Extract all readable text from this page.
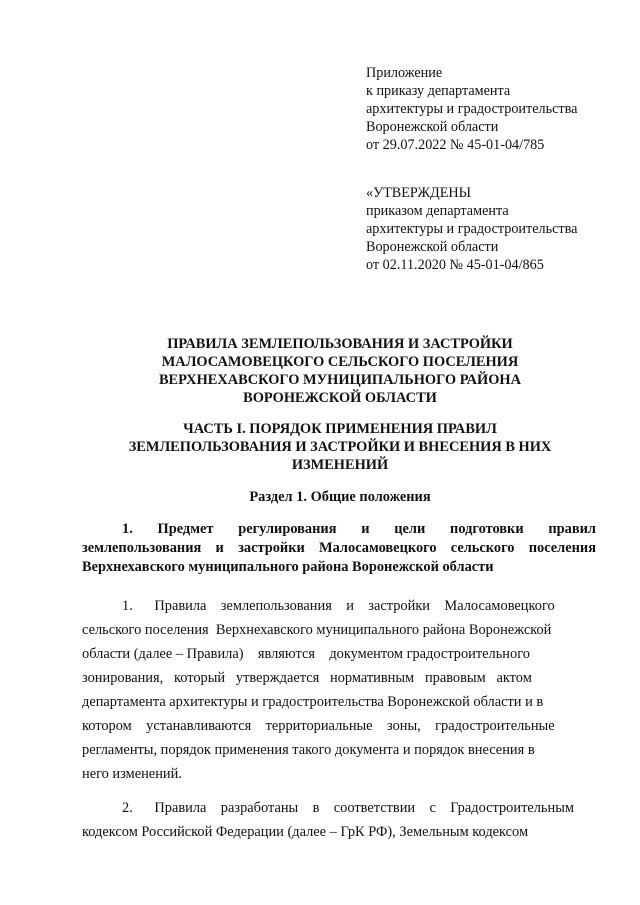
Приложение
к приказу департамента
архитектуры и градостроительства
Воронежской области
от 29.07.2022 № 45-01-04/785
«УТВЕРЖДЕНЫ
приказом департамента
архитектуры и градостроительства
Воронежской области
от 02.11.2020 № 45-01-04/865
ПРАВИЛА ЗЕМЛЕПОЛЬЗОВАНИЯ И ЗАСТРОЙКИ
МАЛОСАМОВЕЦКОГО СЕЛЬСКОГО ПОСЕЛЕНИЯ
ВЕРХНЕХАВСКОГО МУНИЦИПАЛЬНОГО РАЙОНА
ВОРОНЕЖСКОЙ ОБЛАСТИ
ЧАСТЬ I. ПОРЯДОК ПРИМЕНЕНИЯ ПРАВИЛ
ЗЕМЛЕПОЛЬЗОВАНИЯ И ЗАСТРОЙКИ И ВНЕСЕНИЯ В НИХ
ИЗМЕНЕНИЙ
Раздел 1. Общие положения
1.    Предмет    регулирования    и    цели    подготовки    правил
землепользования и застройки Малосамовецкого сельского поселения
Верхнехавского муниципального района Воронежской области
1.      Правила    землепользования    и    застройки    Малосамовецкого
сельского поселения  Верхнехавского муниципального района Воронежской
области (далее – Правила)    являются    документом градостроительного
зонирования,   который   утверждается   нормативным   правовым   актом
департамента архитектуры и градостроительства Воронежской области и в
котором    устанавливаются    территориальные    зоны,    градостроительные
регламенты, порядок применения такого документа и порядок внесения в
него изменений.
2.      Правила    разработаны    в    соответствии    с    Градостроительным
кодексом Российской Федерации (далее – ГрК РФ), Земельным кодексом
